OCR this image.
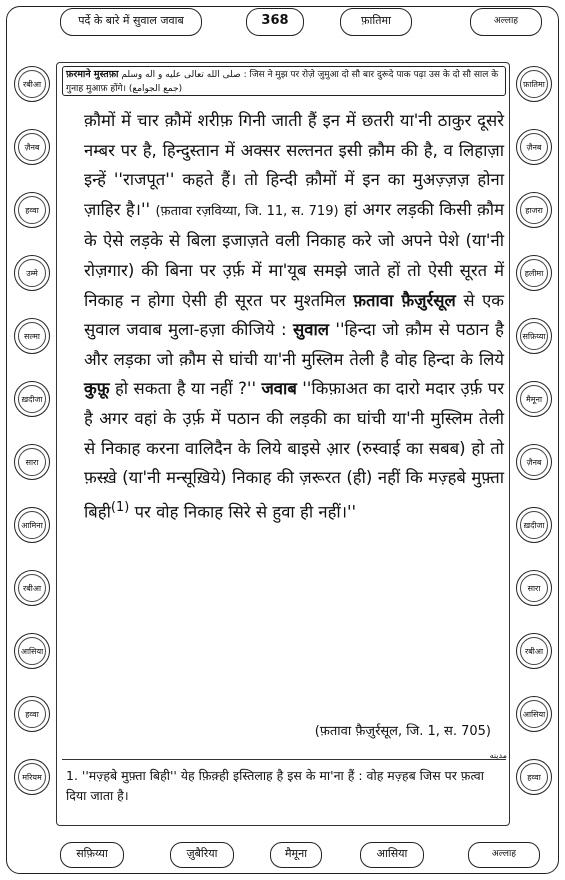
पर्दे के बारे में सुवाल जवाब	368	फ़ातिमा	अल्लाह
फ़रमाने मुस्तफ़ा صلى الله تعالى عليه و اله وسلم : जिस ने मुझ पर रोज़े जुमुआ दो सौ बार दुरूदे पाक पढ़ा उस के दो सौ साल के गुनाह मुआफ़ होंगे। (جمع الجوامع)
रबीआ
ज़ैनब
हव्वा
उम्मे
सल्मा
ख़दीजा
सारा
आमिना
रबीआ
आसिया
हव्वा
मरियम
फ़ातिमा
ज़ैनब
हाजरा
हलीमा
सफ़िय्या
मैमूना
ज़ैनब
ख़दीजा
सारा
रबीआ
आसिया
हव्वा

क़ौमों में चार क़ौमें शरीफ़ गिनी जाती हैं इन में छतरी या'नी ठाकुर दूसरे नम्बर पर है, हिन्दुस्तान में अक्सर सल्तनत इसी क़ौम की है, व लिहाज़ा इन्हें ''राजपूत'' कहते हैं। तो हिन्दी क़ौमों में इन का मुअज़्ज़ज़ होना ज़ाहिर है।'' (फ़तावा रज़विय्या, जि. 11, स. 719) हां अगर लड़की किसी क़ौम के ऐसे लड़के से बिला इजाज़ते वली निकाह करे जो अपने पेशे (या'नी रोज़गार) की बिना पर उ़र्फ़ में मा'यूब समझे जाते हों तो ऐसी सूरत में निकाह न होगा ऐसी ही सूरत पर मुश्तमिल फ़तावा फ़ैज़ुर्रसूल से एक सुवाल जवाब मुला-हज़ा कीजिये : सुवाल ''हिन्दा जो क़ौम से पठान है और लड़का जो क़ौम से घांची या'नी मुस्लिम तेली है वोह हिन्दा के लिये कुफ़ू हो सकता है या नहीं ?'' जवाब ''किफ़ाअत का दारो मदार उ़र्फ़ पर है अगर वहां के उ़र्फ़ में पठान की लड़की का घांची या'नी मुस्लिम तेली से निकाह करना वालिदैन के लिये बाइसे आ़र (रुस्वाई का सबब) हो तो फ़स्ख़े (या'नी मन्सूख़िये) निकाह की ज़रूरत (ही) नहीं कि मज़्हबे मुफ़्ता बिही$^{(1)}$ पर वोह निकाह सिरे से हुवा ही नहीं।''

(फ़तावा फ़ैज़ुर्रसूल, जि. 1, स. 705)
مدينه
1. ''मज़्हबे मुफ़्ता बिही'' येह फ़िक़्ही इस्तिलाह है इस के मा'ना हैं : वोह मज़्हब जिस पर फ़त्वा दिया जाता है।
सफ़िय्या	ज़ुबैरिया	मैमूना	आसिया	अल्लाह
